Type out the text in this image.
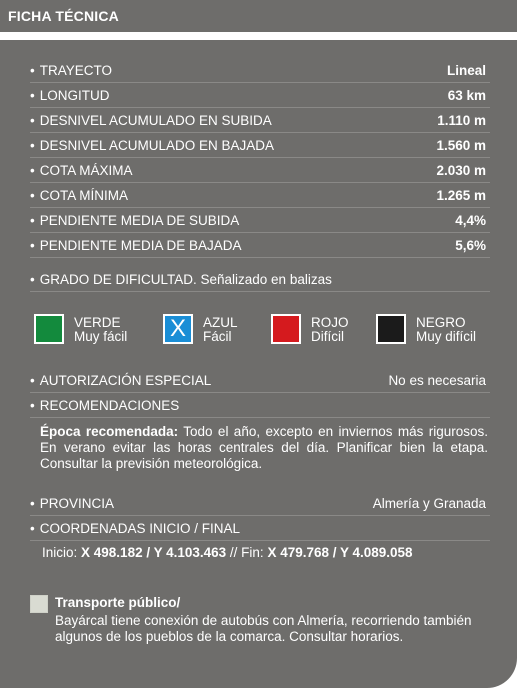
FICHA TÉCNICA
• TRAYECTO	Lineal
• LONGITUD	63 km
• DESNIVEL ACUMULADO EN SUBIDA	1.110 m
• DESNIVEL ACUMULADO EN BAJADA	1.560 m
• COTA MÁXIMA	2.030 m
• COTA MÍNIMA	1.265 m
• PENDIENTE MEDIA DE SUBIDA	4,4%
• PENDIENTE MEDIA DE BAJADA	5,6%
• GRADO DE DIFICULTAD. Señalizado en balizas
VERDE
Muy fácil X AZUL
Fácil
ROJO
Difícil
NEGRO
Muy difícil
• AUTORIZACIÓN ESPECIAL	No es necesaria
• RECOMENDACIONES
Época recomendada: Todo el año, excepto en inviernos más rigurosos. En verano evitar las horas centrales del día. Planificar bien la etapa. Consultar la previsión meteorológica.
• PROVINCIA	Almería y Granada
• COORDENADAS INICIO / FINAL
Inicio: X 498.182 / Y 4.103.463 // Fin: X 479.768 / Y 4.089.058
Transporte público/
Bayárcal tiene conexión de autobús con Almería, recorriendo también algunos de los pueblos de la comarca. Consultar horarios.
